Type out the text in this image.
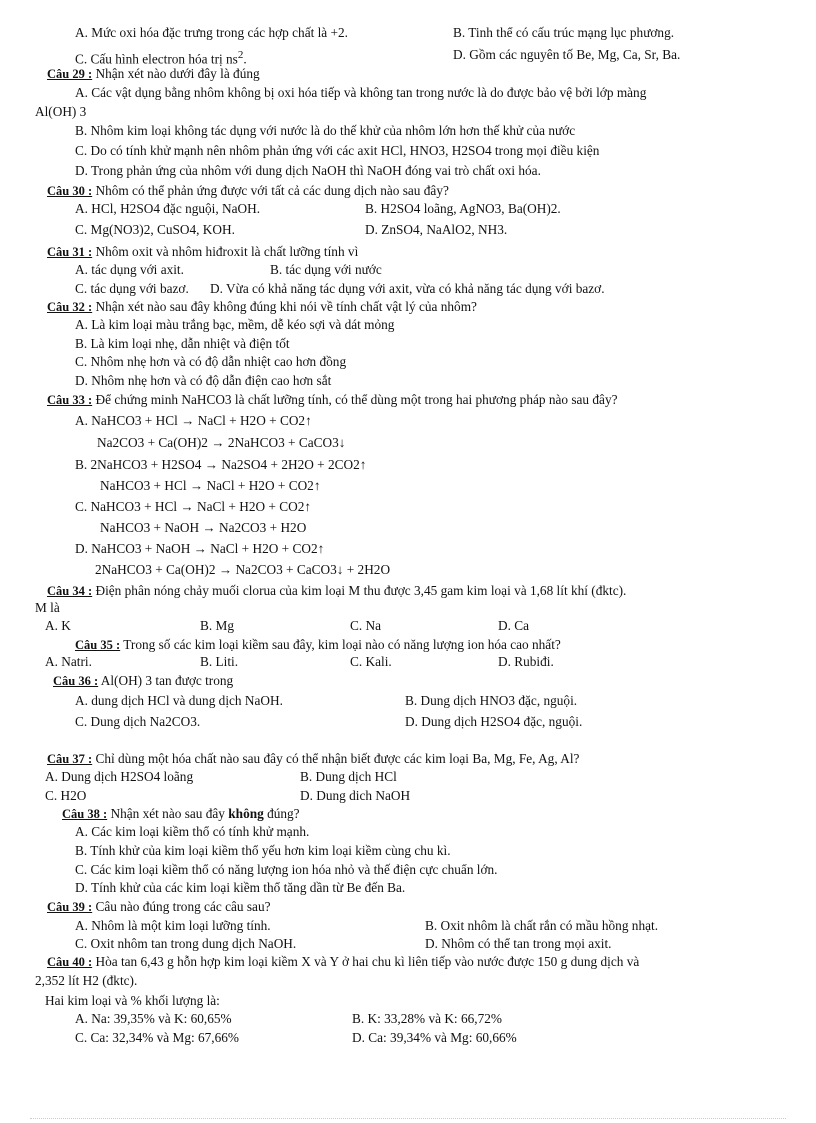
A. Mức oxi hóa đặc trưng trong các hợp chất là +2.	B. Tinh thể có cấu trúc mạng lục phương.
C. Cấu hình electron hóa trị $ns^2$.	D. Gồm các nguyên tố Be, Mg, Ca, Sr, Ba.
Câu 29 : Nhận xét nào dưới đây là đúng
A. Các vật dụng bằng nhôm không bị oxi hóa tiếp và không tan trong nước là do được bảo vệ bởi lớp màng
Al(OH) 3
B. Nhôm kim loại không tác dụng với nước là do thế khử của nhôm lớn hơn thế khử của nước
C. Do có tính khử mạnh nên nhôm phản ứng với các axit HCl, HNO3, H2SO4 trong mọi điều kiện
D. Trong phản ứng của nhôm với dung dịch NaOH thì NaOH đóng vai trò chất oxi hóa.
Câu 30 : Nhôm có thể phản ứng được với tất cả các dung dịch nào sau đây?
A. HCl, H2SO4 đặc nguội, NaOH.	B. H2SO4 loãng, AgNO3, Ba(OH)2.
C. Mg(NO3)2, CuSO4, KOH.	D. ZnSO4, NaAlO2, NH3.
Câu 31 : Nhôm oxit và nhôm hiđroxit là chất lưỡng tính vì
A. tác dụng với axit.	B. tác dụng với nước
C. tác dụng với bazơ. D. Vừa có khả năng tác dụng với axit, vừa có khả năng tác dụng với bazơ.
Câu 32 : Nhận xét nào sau đây không đúng khi nói về tính chất vật lý của nhôm?
A. Là kim loại màu trắng bạc, mềm, dễ kéo sợi và dát mỏng
B. Là kim loại nhẹ, dẫn nhiệt và điện tốt
C. Nhôm nhẹ hơn và có độ dẫn nhiệt cao hơn đồng
D. Nhôm nhẹ hơn và có độ dẫn điện cao hơn sắt
Câu 33 : Để chứng minh NaHCO3 là chất lưỡng tính, có thể dùng một trong hai phương pháp nào sau đây?
A. NaHCO3 + HCl → NaCl + H2O + CO2↑
Na2CO3 + Ca(OH)2 → 2NaHCO3 + CaCO3↓
B. 2NaHCO3 + H2SO4 → Na2SO4 + 2H2O + 2CO2↑
NaHCO3 + HCl → NaCl + H2O + CO2↑
C. NaHCO3 + HCl → NaCl + H2O + CO2↑
NaHCO3 + NaOH → Na2CO3 + H2O
D. NaHCO3 + NaOH → NaCl + H2O + CO2↑
2NaHCO3 + Ca(OH)2 → Na2CO3 + CaCO3↓ + 2H2O
Câu 34 : Điện phân nóng chảy muối clorua của kim loại M thu được 3,45 gam kim loại và 1,68 lít khí (đktc).
M là
A. K	B. Mg	C. Na	D. Ca
Câu 35 : Trong số các kim loại kiềm sau đây, kim loại nào có năng lượng ion hóa cao nhất?
A. Natri.	B. Liti.	C. Kali.	D. Rubiđi.
Câu 36 : Al(OH) 3 tan được trong
A. dung dịch HCl và dung dịch NaOH.	B. Dung dịch HNO3 đặc, nguội.
C. Dung dịch Na2CO3.	D. Dung dịch H2SO4 đặc, nguội.
Câu 37 : Chỉ dùng một hóa chất nào sau đây có thể nhận biết được các kim loại Ba, Mg, Fe, Ag, Al?
A. Dung dịch H2SO4 loãng	B. Dung dịch HCl
C. H2O	D. Dung dich NaOH
Câu 38 : Nhận xét nào sau đây không đúng?
A. Các kim loại kiềm thổ có tính khử mạnh.
B. Tính khử của kim loại kiềm thổ yếu hơn kim loại kiềm cùng chu kì.
C. Các kim loại kiềm thổ có năng lượng ion hóa nhỏ và thế điện cực chuẩn lớn.
D. Tính khử của các kim loại kiềm thổ tăng dần từ Be đến Ba.
Câu 39 : Câu nào đúng trong các câu sau?
A. Nhôm là một kim loại lưỡng tính.	B. Oxit nhôm là chất rắn có mầu hồng nhạt.
C. Oxit nhôm tan trong dung dịch NaOH.	D. Nhôm có thể tan trong mọi axit.
Câu 40 : Hòa tan 6,43 g hỗn hợp kim loại kiềm X và Y ở hai chu kì liên tiếp vào nước được 150 g dung dịch và
2,352 lít H2 (đktc).
Hai kim loại và % khối lượng là:
A. Na: 39,35% và K: 60,65%	B. K: 33,28% và K: 66,72%
C. Ca: 32,34% và Mg: 67,66%	D. Ca: 39,34% và Mg: 60,66%
